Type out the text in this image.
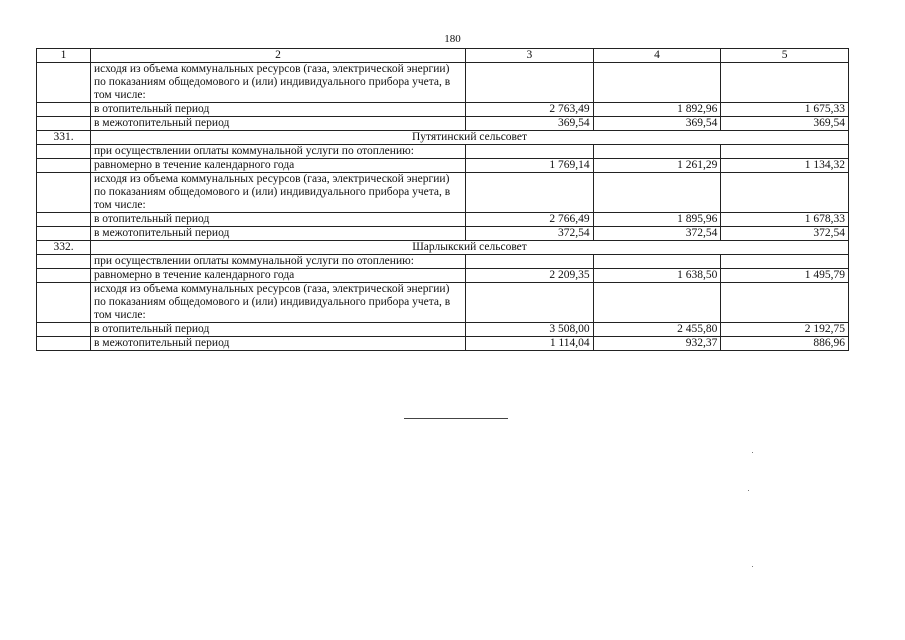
180
1	2	3	4	5
	исходя из объема коммунальных ресурсов (газа, электрической энергии) по показаниям общедомового и (или) индивидуального прибора учета, в том числе:			
	в отопительный период	2 763,49	1 892,96	1 675,33
	в межотопительный период	369,54	369,54	369,54
331.	Путятинский сельсовет			
	при осуществлении оплаты коммунальной услуги по отоплению:			
	равномерно в течение календарного года	1 769,14	1 261,29	1 134,32
	исходя из объема коммунальных ресурсов (газа, электрической энергии) по показаниям общедомового и (или) индивидуального прибора учета, в том числе:			
	в отопительный период	2 766,49	1 895,96	1 678,33
	в межотопительный период	372,54	372,54	372,54
332.	Шарлыкский сельсовет			
	при осуществлении оплаты коммунальной услуги по отоплению:			
	равномерно в течение календарного года	2 209,35	1 638,50	1 495,79
	исходя из объема коммунальных ресурсов (газа, электрической энергии) по показаниям общедомового и (или) индивидуального прибора учета, в том числе:			
	в отопительный период	3 508,00	2 455,80	2 192,75
	в межотопительный период	1 114,04	932,37	886,96
